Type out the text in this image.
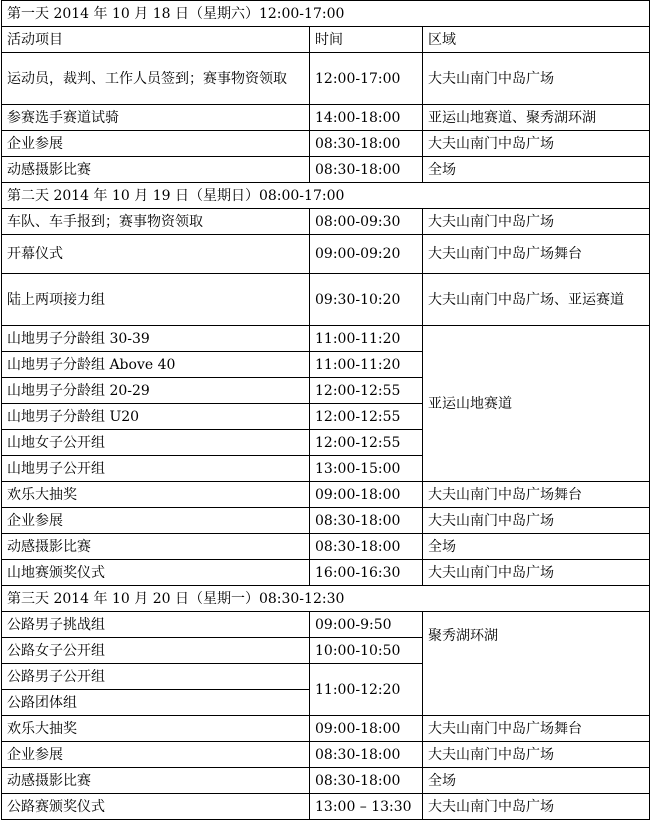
第一天 2014 年 10 月 18 日（星期六）12:00-17:00		
活动项目	时间	区域
运动员，裁判、工作人员签到；赛事物资领取	12:00-17:00	大夫山南门中岛广场
参赛选手赛道试骑	14:00-18:00	亚运山地赛道、聚秀湖环湖
企业参展	08:30-18:00	大夫山南门中岛广场
动感摄影比赛	08:30-18:00	全场
第二天 2014 年 10 月 19 日（星期日）08:00-17:00		
车队、车手报到；赛事物资领取	08:00-09:30	大夫山南门中岛广场
开幕仪式	09:00-09:20	大夫山南门中岛广场舞台
陆上两项接力组	09:30-10:20	大夫山南门中岛广场、亚运赛道
山地男子分龄组 30-39	11:00-11:20	亚运山地赛道
山地男子分龄组 Above 40	11:00-11:20	
山地男子分龄组 20-29	12:00-12:55	
山地男子分龄组 U20	12:00-12:55	
山地女子公开组	12:00-12:55	
山地男子公开组	13:00-15:00	
欢乐大抽奖	09:00-18:00	大夫山南门中岛广场舞台
企业参展	08:30-18:00	大夫山南门中岛广场
动感摄影比赛	08:30-18:00	全场
山地赛颁奖仪式	16:00-16:30	大夫山南门中岛广场
第三天 2014 年 10 月 20 日（星期一）08:30-12:30		
公路男子挑战组	09:00-9:50	聚秀湖环湖
公路女子公开组	10:00-10:50	
公路男子公开组	11:00-12:20	
公路团体组		
欢乐大抽奖	09:00-18:00	大夫山南门中岛广场舞台
企业参展	08:30-18:00	大夫山南门中岛广场
动感摄影比赛	08:30-18:00	全场
公路赛颁奖仪式	13:00 – 13:30	大夫山南门中岛广场
